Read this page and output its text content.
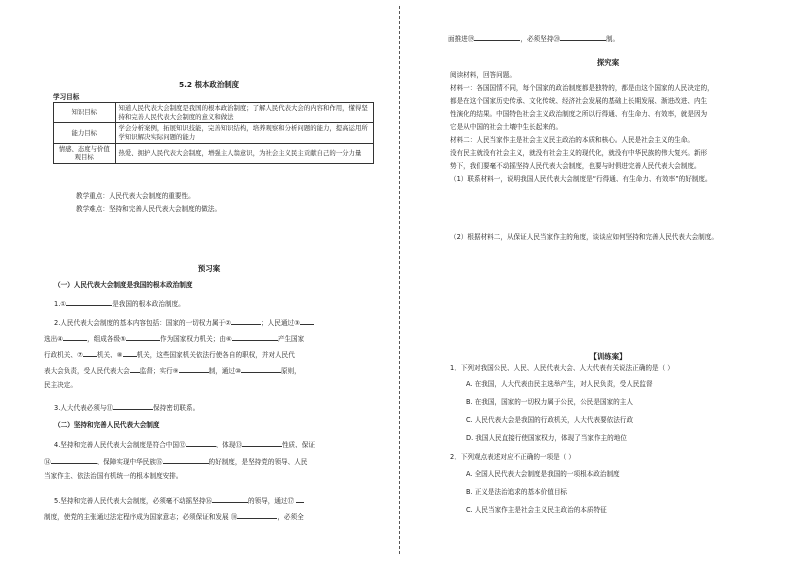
5.2 根本政治制度
学习目标
知识目标	知道人民代表大会制度是我国的根本政治制度；了解人民代表大会的内容和作用，懂得坚持和完善人民代表大会制度的意义和做法
能力目标	学会分析案例，拓展知识技能，完善知识结构，培养观察和分析问题的能力，提高运用所学知识解决实际问题的能力
情感、态度与价值观目标	热爱、拥护人民代表大会制度，增强主人翁意识，为社会主义民主贡献自己的一分力量
教学重点：人民代表大会制度的重要性。
教学难点：坚持和完善人民代表大会制度的做法。
预习案
（一）人民代表大会制度是我国的根本政治制度
1.①	是我国的根本政治制度。
2.人民代表大会制度的基本内容包括：国家的一切权力属于②	；人民通过③
选出④	，组成各级⑤	作为国家权力机关；由⑥	产生国家
行政机关、⑦ 机关、⑧ 机关，这些国家机关依法行使各自的职权，并对人民代
表大会负责，受人民代表大会 监督；实行⑨	制，通过⑩	原则，
民主决定。
3.人大代表必须与⑪	保持密切联系。
（二）坚持和完善人民代表大会制度
4.坚持和完善人民代表大会制度是符合中国⑫	、体现⑬	性质、保证
⑭	、保障实现中华民族⑮	的好制度，是坚持党的领导、人民
当家作主、依法治国有机统一的根本制度安排。
5.坚持和完善人民代表大会制度，必须毫不动摇坚持⑯	的领导，通过⑰
制度，使党的主张通过法定程序成为国家意志；必须保证和发展 ⑱	，必须全
面推进⑲	，必须坚持⑳	制。
探究案
阅读材料，回答问题。
材料一：各国国情不同，每个国家的政治制度都是独特的，都是由这个国家的人民决定的，
都是在这个国家历史传承、文化传统、经济社会发展的基础上长期发展、渐进改进、内生
性演化的结果。中国特色社会主义政治制度之所以行得通、有生命力、有效率，就是因为
它是从中国的社会土壤中生长起来的。
材料二：人民当家作主是社会主义民主政治的本质和核心。人民是社会主义的生命。
没有民主就没有社会主义，就没有社会主义的现代化，就没有中华民族的伟大复兴。新形
势下，我们要毫不动摇坚持人民代表大会制度，也要与时俱进完善人民代表大会制度。
（1）联系材料一，说明我国人民代表大会制度是“行得通、有生命力、有效率”的好制度。
（2）根据材料二，从保证人民当家作主的角度，谈谈应如何坚持和完善人民代表大会制度。
【训练案】
1．下列对我国公民、人民、人民代表大会、人大代表有关说法正确的是（ ）
A. 在我国，人大代表由民主选举产生，对人民负责，受人民监督
B. 在我国，国家的一切权力属于公民，公民是国家的主人
C. 人民代表大会是我国的行政机关，人大代表要依法行政
D. 我国人民直接行使国家权力，体现了当家作主的地位
2．下列观点表述对应不正确的一项是（ ）
A. 全国人民代表大会制度是我国的一项根本政治制度
B. 正义是法治追求的基本价值目标
C. 人民当家作主是社会主义民主政治的本质特征
